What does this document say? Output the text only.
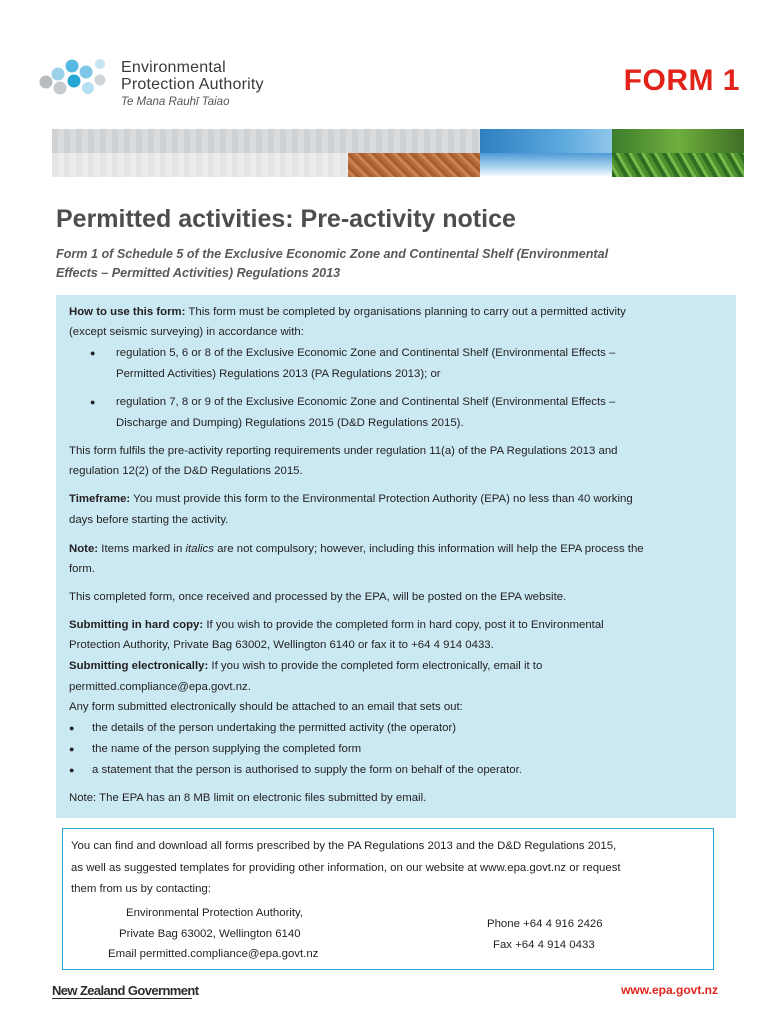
Environmental
Protection Authority
Te Mana Rauhī Taiao
FORM 1
Permitted activities: Pre-activity notice
Form 1 of Schedule 5 of the Exclusive Economic Zone and Continental Shelf (Environmental
Effects – Permitted Activities) Regulations 2013
How to use this form: This form must be completed by organisations planning to carry out a permitted activity
(except seismic surveying) in accordance with:
● regulation 5, 6 or 8 of the Exclusive Economic Zone and Continental Shelf (Environmental Effects –
Permitted Activities) Regulations 2013 (PA Regulations 2013); or
● regulation 7, 8 or 9 of the Exclusive Economic Zone and Continental Shelf (Environmental Effects –
Discharge and Dumping) Regulations 2015 (D&D Regulations 2015).
This form fulfils the pre-activity reporting requirements under regulation 11(a) of the PA Regulations 2013 and
regulation 12(2) of the D&D Regulations 2015.
Timeframe: You must provide this form to the Environmental Protection Authority (EPA) no less than 40 working
days before starting the activity.
Note: Items marked in italics are not compulsory; however, including this information will help the EPA process the
form.
This completed form, once received and processed by the EPA, will be posted on the EPA website.
Submitting in hard copy: If you wish to provide the completed form in hard copy, post it to Environmental
Protection Authority, Private Bag 63002, Wellington 6140 or fax it to +64 4 914 0433.
Submitting electronically: If you wish to provide the completed form electronically, email it to
permitted.compliance@epa.govt.nz.
Any form submitted electronically should be attached to an email that sets out:
● the details of the person undertaking the permitted activity (the operator)
● the name of the person supplying the completed form
● a statement that the person is authorised to supply the form on behalf of the operator.
Note: The EPA has an 8 MB limit on electronic files submitted by email.
You can find and download all forms prescribed by the PA Regulations 2013 and the D&D Regulations 2015,
as well as suggested templates for providing other information, on our website at www.epa.govt.nz or request
them from us by contacting:
Environmental Protection Authority,
Private Bag 63002, Wellington 6140
Email permitted.compliance@epa.govt.nz
Phone +64 4 916 2426
Fax +64 4 914 0433
New Zealand Government	www.epa.govt.nz
